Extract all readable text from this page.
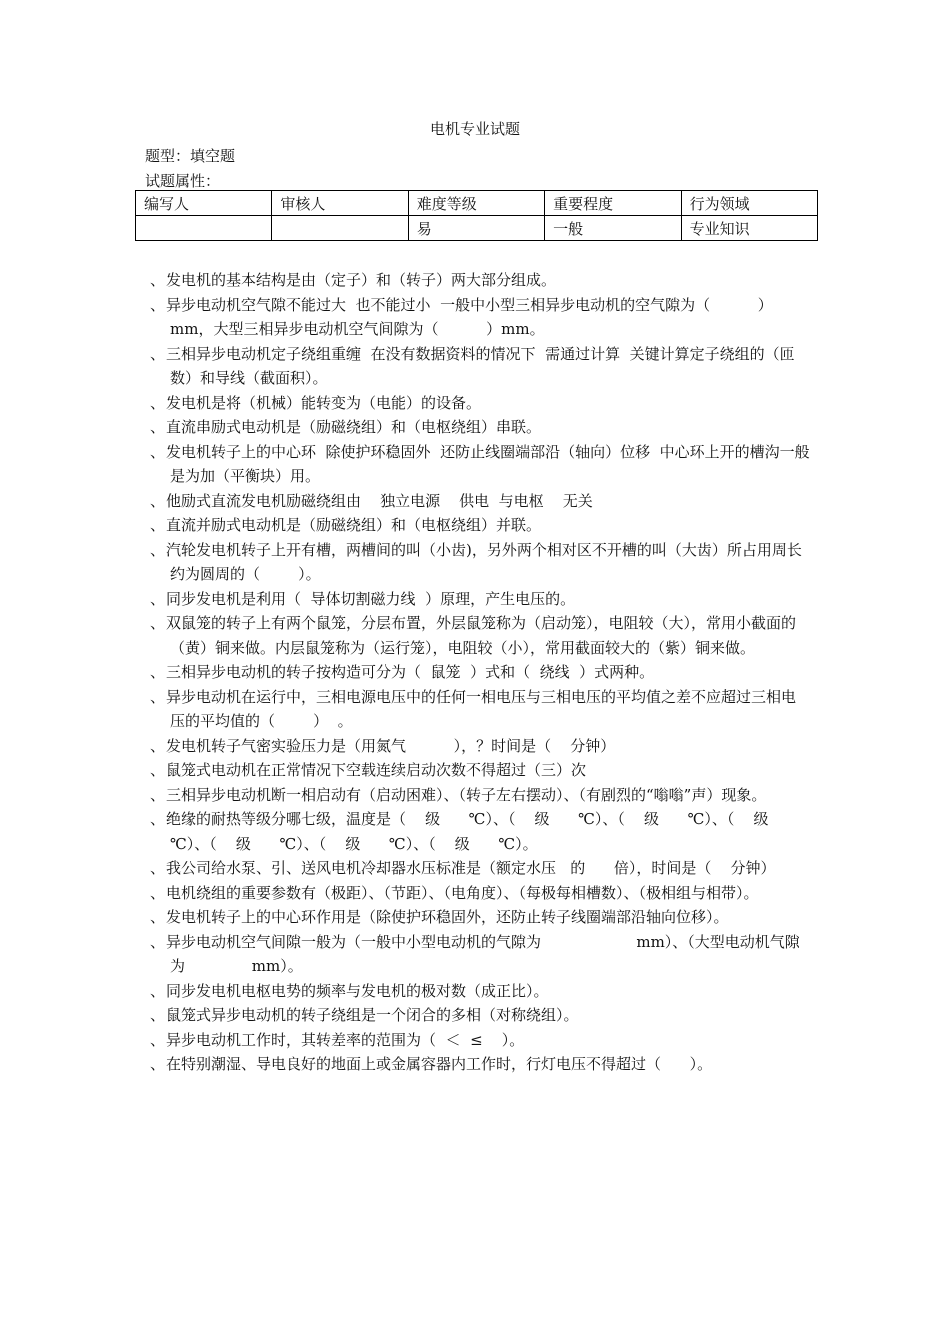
电机专业试题
题型：填空题
试题属性：
编写人	审核人	难度等级	重要程度	行为领域
		易	一般	专业知识
、发电机的基本结构是由（定子）和（转子）两大部分组成。
、异步电动机空气隙不能过大  也不能过小  一般中小型三相异步电动机的空气隙为（          ）mm，大型三相异步电动机空气间隙为（          ）mm。
、三相异步电动机定子绕组重缠  在没有数据资料的情况下  需通过计算  关键计算定子绕组的（匝数）和导线（截面积）。
、发电机是将（机械）能转变为（电能）的设备。
、直流串励式电动机是（励磁绕组）和（电枢绕组）串联。
、发电机转子上的中心环  除使护环稳固外  还防止线圈端部沿（轴向）位移  中心环上开的槽沟一般是为加（平衡块）用。
、他励式直流发电机励磁绕组由    独立电源    供电  与电枢    无关
、直流并励式电动机是（励磁绕组）和（电枢绕组）并联。
、汽轮发电机转子上开有槽，两槽间的叫（小齿)，另外两个相对区不开槽的叫（大齿）所占用周长约为圆周的（        ）。
、同步发电机是利用（  导体切割磁力线  ）原理，产生电压的。
、双鼠笼的转子上有两个鼠笼，分层布置，外层鼠笼称为（启动笼），电阻较（大），常用小截面的（黄）铜来做。内层鼠笼称为（运行笼），电阻较（小），常用截面较大的（紫）铜来做。
、三相异步电动机的转子按构造可分为（  鼠笼  ）式和（  绕线  ）式两种。
、异步电动机在运行中，三相电源电压中的任何一相电压与三相电压的平均值之差不应超过三相电压的平均值的（        ）  。
、发电机转子气密实验压力是（用氮气          ），？时间是（    分钟）
、鼠笼式电动机在正常情况下空载连续启动次数不得超过（三）次
、三相异步电动机断一相启动有（启动困难）、（转子左右摆动）、（有剧烈的“嗡嗡”声）现象。
、绝缘的耐热等级分哪七级，温度是（    级      ℃）、（    级      ℃）、（    级      ℃）、（    级      ℃）、（    级      ℃）、（    级      ℃）、（    级      ℃）。
、我公司给水泵、引、送风电机冷却器水压标准是（额定水压   的      倍），时间是（    分钟）
、电机绕组的重要参数有（极距）、（节距）、（电角度）、（每极每相槽数）、（极相组与相带）。
、发电机转子上的中心环作用是（除使护环稳固外，还防止转子线圈端部沿轴向位移）。
、异步电动机空气间隙一般为（一般中小型电动机的气隙为                    mm）、（大型电动机气隙为              mm）。
、同步发电机电枢电势的频率与发电机的极对数（成正比）。
、鼠笼式异步电动机的转子绕组是一个闭合的多相（对称绕组）。
、异步电动机工作时，其转差率的范围为（  ＜  ≤    ）。
、在特别潮湿、导电良好的地面上或金属容器内工作时，行灯电压不得超过（      ）。
